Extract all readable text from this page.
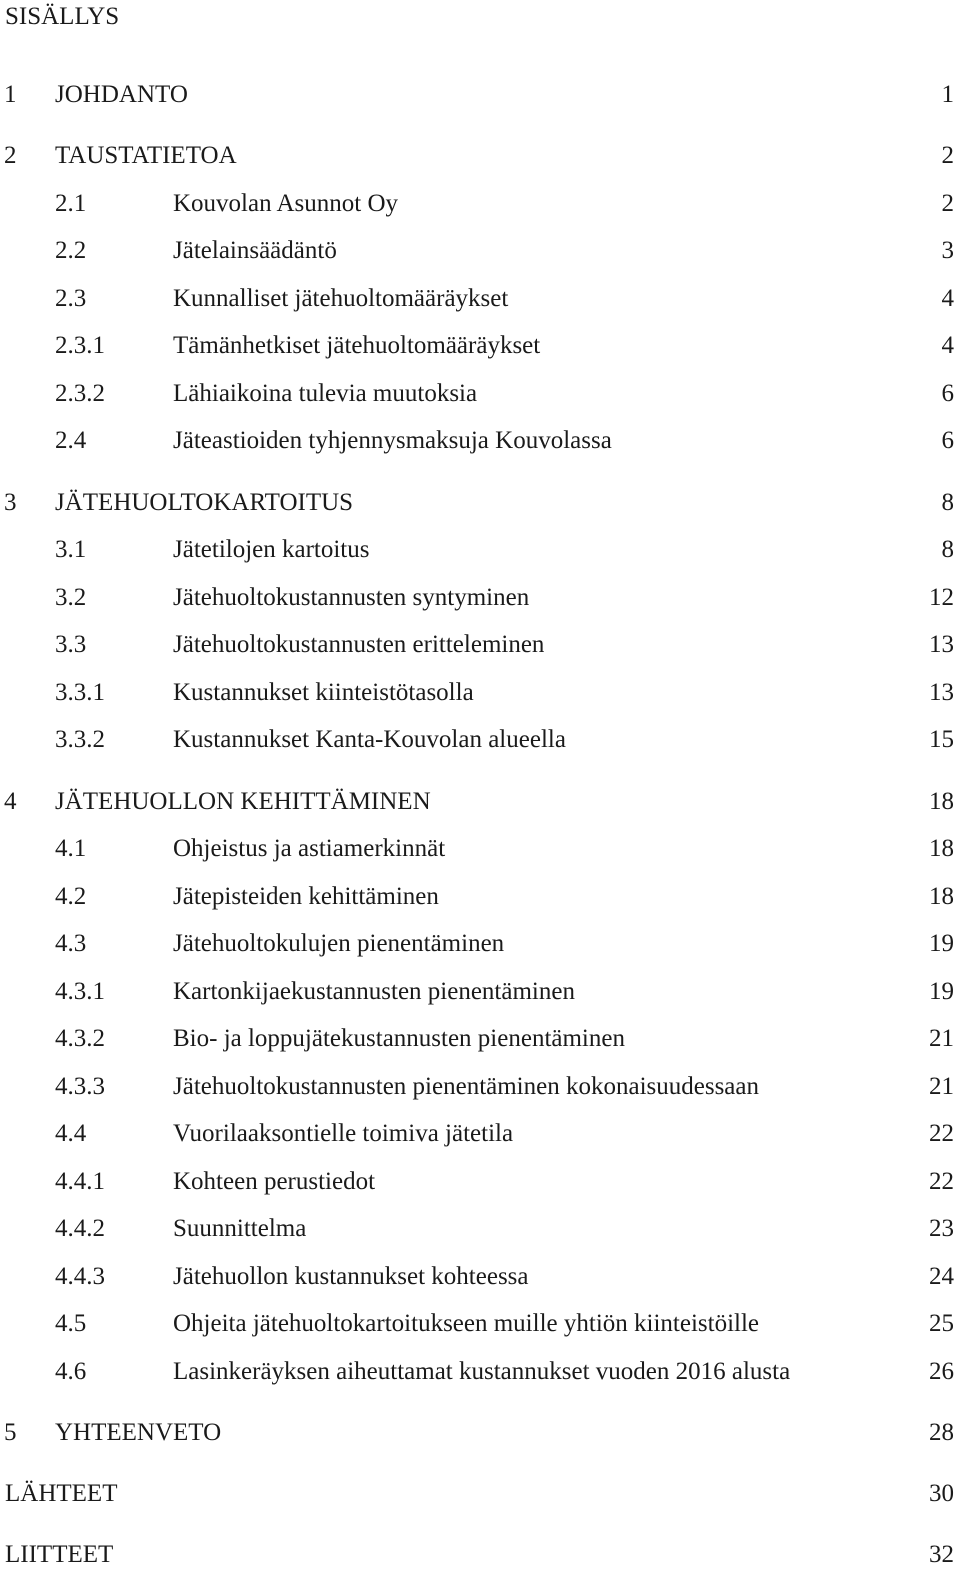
SISÄLLYS
1 JOHDANTO	1
2 TAUSTATIETOA	2
2.1	Kouvolan Asunnot Oy	2
2.2	Jätelainsäädäntö	3
2.3	Kunnalliset jätehuoltomääräykset	4
2.3.1	Tämänhetkiset jätehuoltomääräykset	4
2.3.2	Lähiaikoina tulevia muutoksia	6
2.4	Jäteastioiden tyhjennysmaksuja Kouvolassa	6
3 JÄTEHUOLTOKARTOITUS	8
3.1	Jätetilojen kartoitus	8
3.2	Jätehuoltokustannusten syntyminen	12
3.3	Jätehuoltokustannusten eritteleminen	13
3.3.1	Kustannukset kiinteistötasolla	13
3.3.2	Kustannukset Kanta-Kouvolan alueella	15
4 JÄTEHUOLLON KEHITTÄMINEN	18
4.1	Ohjeistus ja astiamerkinnät	18
4.2	Jätepisteiden kehittäminen	18
4.3	Jätehuoltokulujen pienentäminen	19
4.3.1	Kartonkijaekustannusten pienentäminen	19
4.3.2	Bio- ja loppujätekustannusten pienentäminen	21
4.3.3	Jätehuoltokustannusten pienentäminen kokonaisuudessaan	21
4.4	Vuorilaaksontielle toimiva jätetila	22
4.4.1	Kohteen perustiedot	22
4.4.2	Suunnittelma	23
4.4.3	Jätehuollon kustannukset kohteessa	24
4.5	Ohjeita jätehuoltokartoitukseen muille yhtiön kiinteistöille	25
4.6	Lasinkeräyksen aiheuttamat kustannukset vuoden 2016 alusta	26
5 YHTEENVETO	28
LÄHTEET	30
LIITTEET	32
